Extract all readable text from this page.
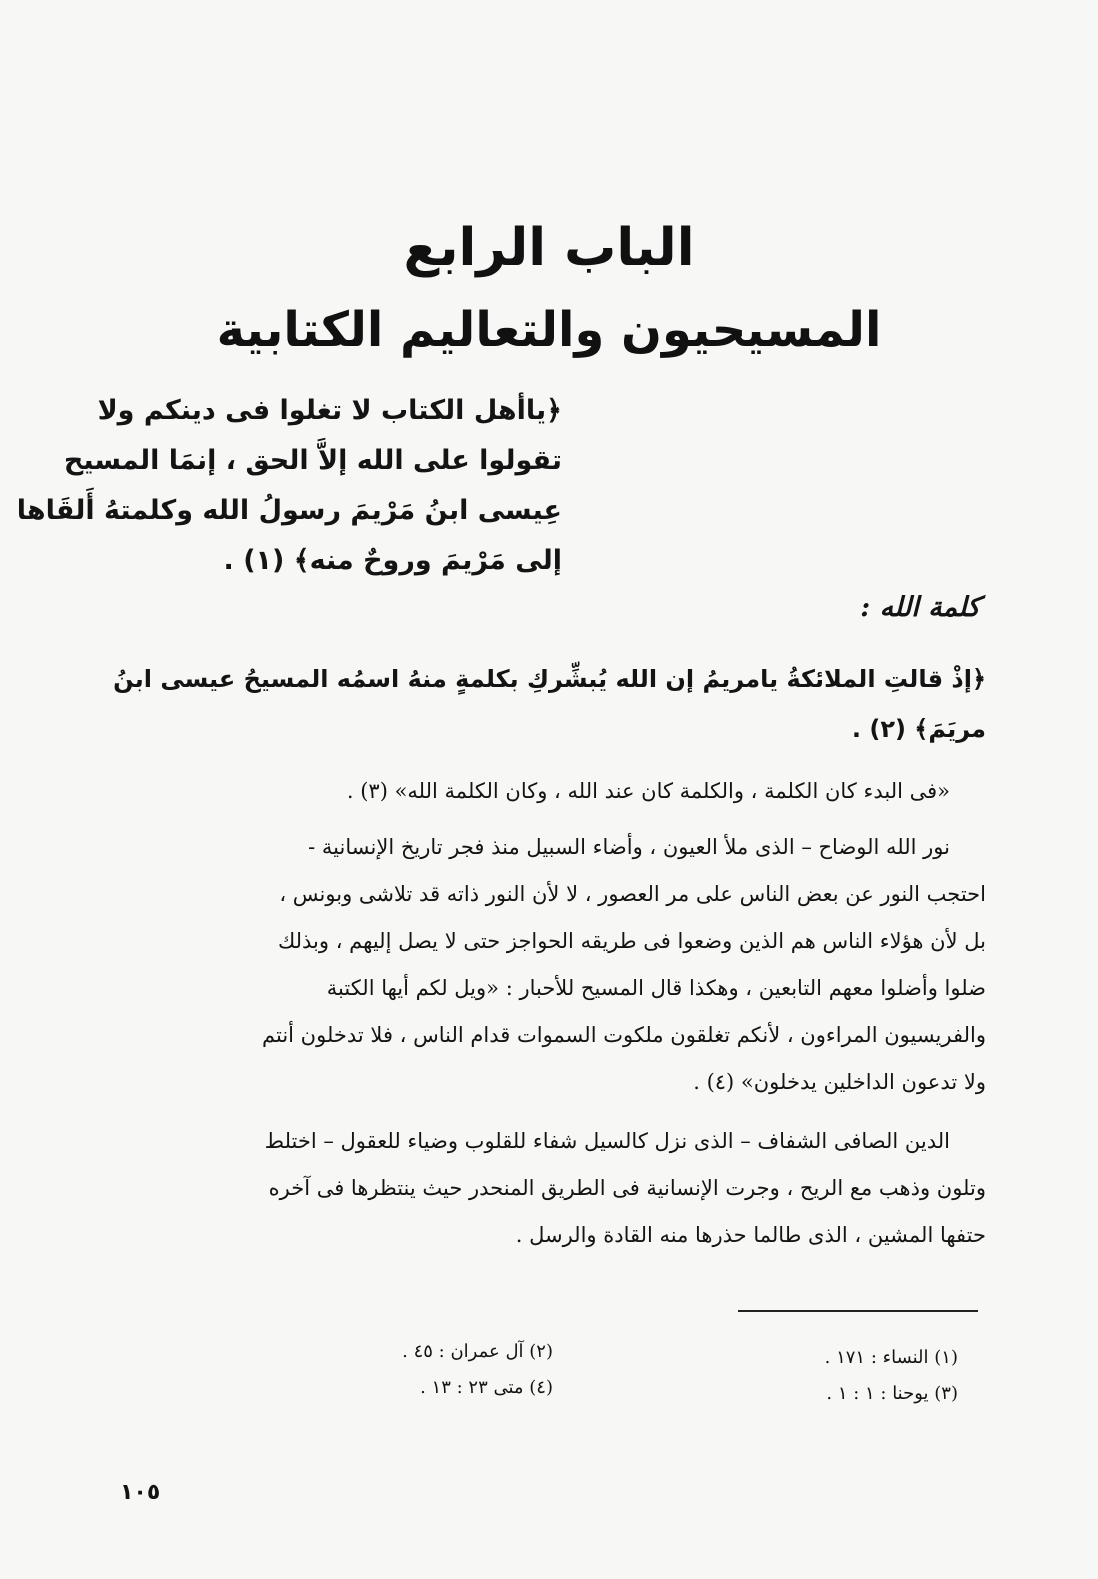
الباب الرابع
المسيحيون والتعاليم الكتابية
﴿ياأهل الكتاب لا تغلوا فى دينكم ولا
تقولوا على الله إلاَّ الحق ، إنمَا المسيح
عِيسى ابنُ مَرْيمَ رسولُ الله وكلمتهُ أَلقَاها
إلى مَرْيمَ وروحٌ منه﴾ (١) .
كلمة الله :
﴿إذْ قالتِ الملائكةُ يامريمُ إن الله يُبشِّركِ بكلمةٍ منهُ اسمُه المسيحُ عيسى ابنُ
مريَمَ﴾ (٢) .
«فى البدء كان الكلمة ، والكلمة كان عند الله ، وكان الكلمة الله» (٣) .
نور الله الوضاح – الذى ملأ العيون ، وأضاء السبيل منذ فجر تاريخ الإنسانية -
احتجب النور عن بعض الناس على مر العصور ، لا لأن النور ذاته قد تلاشى وبونس ،
بل لأن هؤلاء الناس هم الذين وضعوا فى طريقه الحواجز حتى لا يصل إليهم ، وبذلك
ضلوا وأضلوا معهم التابعين ، وهكذا قال المسيح للأحبار : «ويل لكم أيها الكتبة
والفريسيون المراءون ، لأنكم تغلقون ملكوت السموات قدام الناس ، فلا تدخلون أنتم
ولا تدعون الداخلين يدخلون» (٤) .
الدين الصافى الشفاف – الذى نزل كالسيل شفاء للقلوب وضياء للعقول – اختلط
وتلون وذهب مع الريح ، وجرت الإنسانية فى الطريق المنحدر حيث ينتظرها فى آخره
حتفها المشين ، الذى طالما حذرها منه القادة والرسل .
(١) النساء : ١٧١ .
(٣) يوحنا : ١ : ١ .
(٢) آل عمران : ٤٥ .
(٤) متى ٢٣ : ١٣ .
١٠٥
